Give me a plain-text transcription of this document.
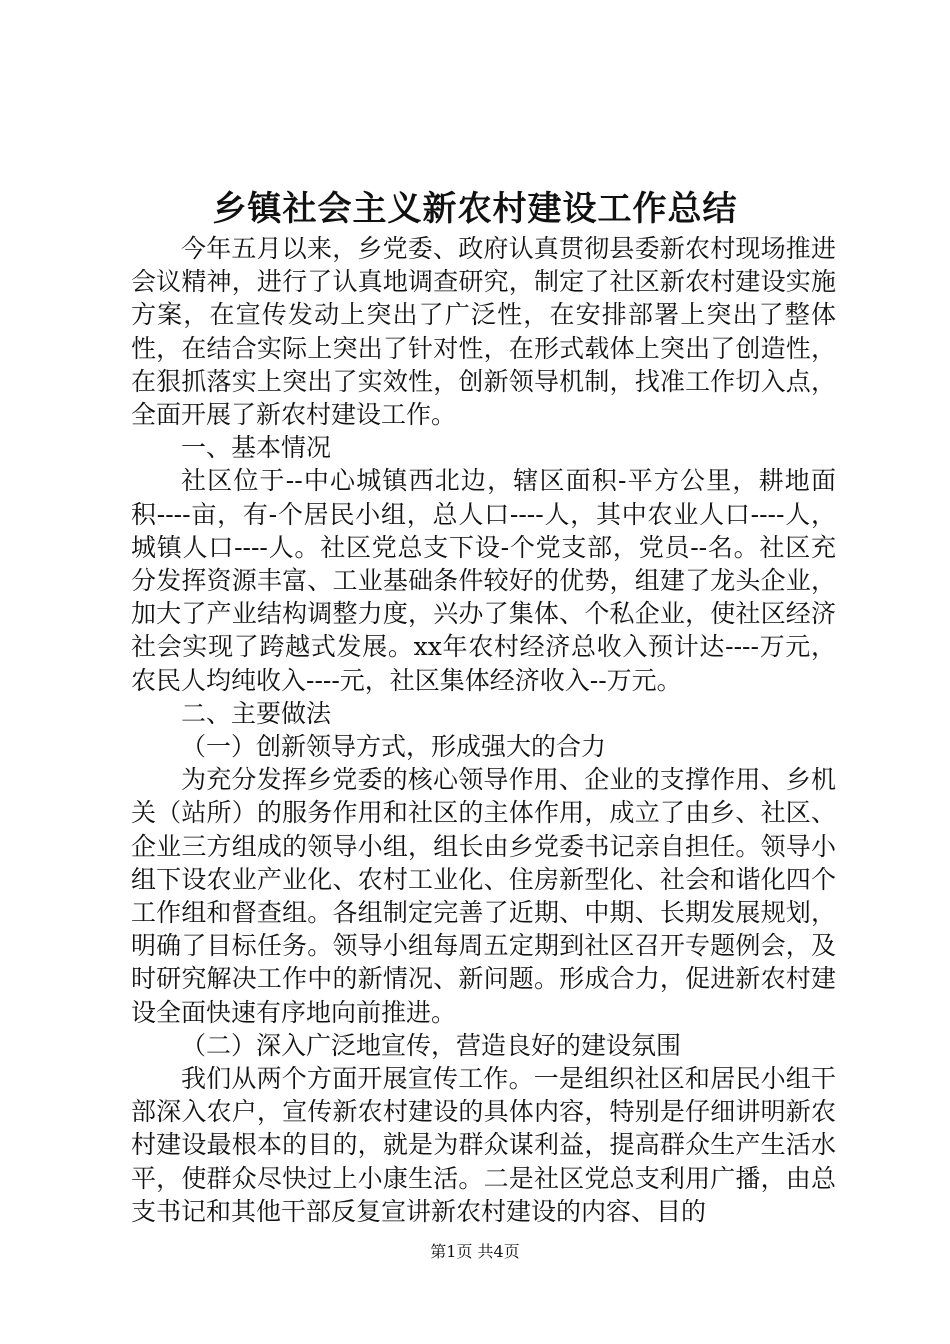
乡镇社会主义新农村建设工作总结

今年五月以来，乡党委、政府认真贯彻县委新农村现场推进会议精神，进行了认真地调查研究，制定了社区新农村建设实施方案，在宣传发动上突出了广泛性，在安排部署上突出了整体性，在结合实际上突出了针对性，在形式载体上突出了创造性，在狠抓落实上突出了实效性，创新领导机制，找准工作切入点，全面开展了新农村建设工作。

一、基本情况

社区位于--中心城镇西北边，辖区面积-平方公里，耕地面积----亩，有-个居民小组，总人口----人，其中农业人口----人，城镇人口----人。社区党总支下设-个党支部，党员--名。社区充分发挥资源丰富、工业基础条件较好的优势，组建了龙头企业，加大了产业结构调整力度，兴办了集体、个私企业，使社区经济社会实现了跨越式发展。xx年农村经济总收入预计达----万元，农民人均纯收入----元，社区集体经济收入--万元。

二、主要做法

（一）创新领导方式，形成强大的合力

为充分发挥乡党委的核心领导作用、企业的支撑作用、乡机关（站所）的服务作用和社区的主体作用，成立了由乡、社区、企业三方组成的领导小组，组长由乡党委书记亲自担任。领导小组下设农业产业化、农村工业化、住房新型化、社会和谐化四个工作组和督查组。各组制定完善了近期、中期、长期发展规划，明确了目标任务。领导小组每周五定期到社区召开专题例会，及时研究解决工作中的新情况、新问题。形成合力，促进新农村建设全面快速有序地向前推进。

（二）深入广泛地宣传，营造良好的建设氛围

我们从两个方面开展宣传工作。一是组织社区和居民小组干部深入农户，宣传新农村建设的具体内容，特别是仔细讲明新农村建设最根本的目的，就是为群众谋利益，提高群众生产生活水平，使群众尽快过上小康生活。二是社区党总支利用广播，由总支书记和其他干部反复宣讲新农村建设的内容、目的

第1页 共4页
